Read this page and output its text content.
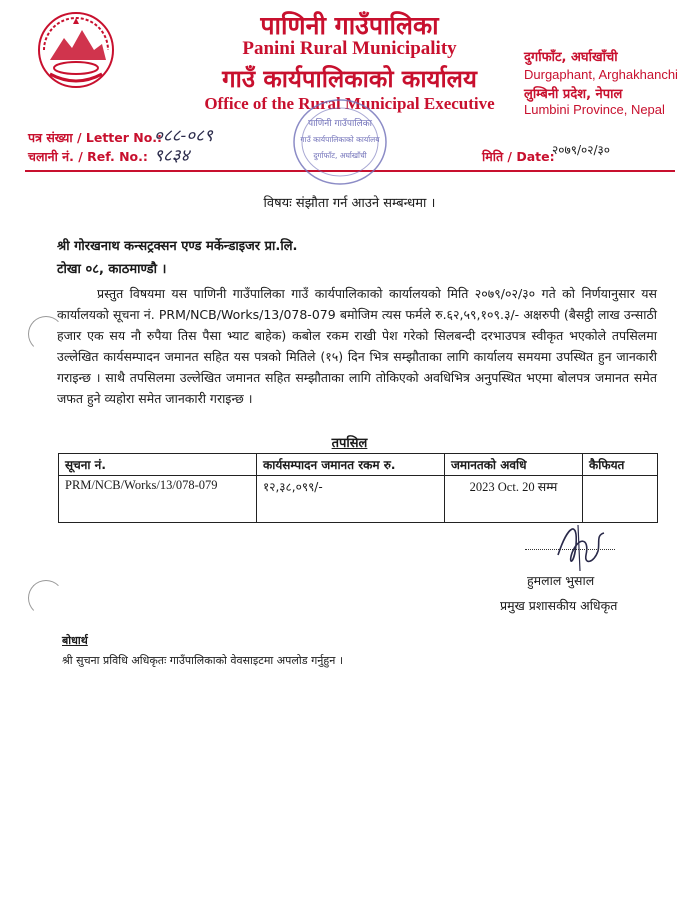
पाणिनी गाउँपालिका
Panini Rural Municipality
गाउँ कार्यपालिकाको कार्यालय
Office of the Rural Municipal Executive
दुर्गाफाँट, अर्घाखाँची
Durgaphant, Arghakhanchi
लुम्बिनी प्रदेश, नेपाल
Lumbini Province, Nepal
पत्र संख्या / Letter No.:
०८८-०८९
चलानी नं. / Ref. No.: ९८३४	मिति / Date:
२०७९/०२/३०
पाणिनी गाउँपालिका
गाउँ कार्यपालिकाको कार्यालय
दुर्गाफाँट, अर्घाखाँची
विषयः संझौता गर्न आउने सम्बन्धमा ।
श्री गोरखनाथ कन्सट्रक्सन एण्ड मर्केन्डाइजर प्रा.लि.
टोखा ०८, काठमाण्डौ ।
प्रस्तुत विषयमा यस पाणिनी गाउँपालिका गाउँ कार्यपालिकाको कार्यालयको मिति २०७९/०२/३० गते को निर्णयानुसार यस कार्यालयको सूचना नं. PRM/NCB/Works/13/078-079 बमोजिम त्यस फर्मले रु.६२,५९,१०९.३/- अक्षरुपी (बैसट्ठी लाख उन्साठी हजार एक सय नौ रुपैया तिस पैसा भ्याट बाहेक) कबोल रकम राखी पेश गरेको सिलबन्दी दरभाउपत्र स्वीकृत भएकोले तपसिलमा उल्लेखित कार्यसम्पादन जमानत सहित यस पत्रको मितिले (१५) दिन भित्र सम्झौताका लागि कार्यालय समयमा उपस्थित हुन जानकारी गराइन्छ । साथै तपसिलमा उल्लेखित जमानत सहित सम्झौताका लागि तोकिएको अवधिभित्र अनुपस्थित भएमा बोलपत्र जमानत समेत जफत हुने व्यहोरा समेत जानकारी गराइन्छ ।
तपसिल
सूचना नं.	कार्यसम्पादन जमानत रकम रु.	जमानतको अवधि	कैफियत
PRM/NCB/Works/13/078-079	१२,३८,०९९/-	2023 Oct. 20 सम्म	
हुमलाल भुसाल
प्रमुख प्रशासकीय अधिकृत
बोधार्थ
श्री सुचना प्रविधि अधिकृतः गाउँपालिकाको वेवसाइटमा अपलोड गर्नुहुन ।
